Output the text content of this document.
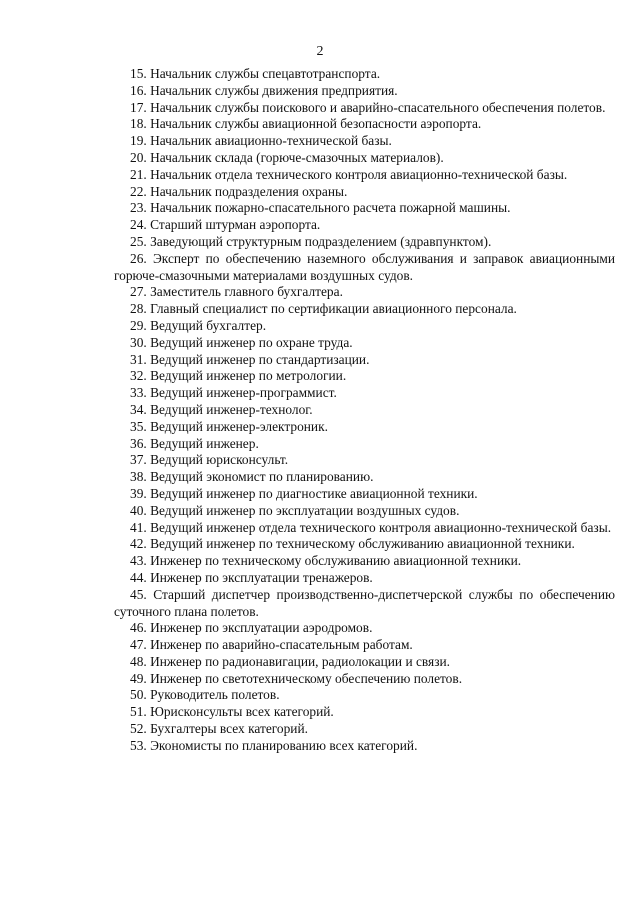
2
15. Начальник службы спецавтотранспорта.
16. Начальник службы движения предприятия.
17. Начальник службы поискового и аварийно-спасательного обеспечения полетов.
18. Начальник службы авиационной безопасности аэропорта.
19. Начальник авиационно-технической базы.
20. Начальник склада (горюче-смазочных материалов).
21. Начальник отдела технического контроля авиационно-технической базы.
22. Начальник подразделения охраны.
23. Начальник пожарно-спасательного расчета пожарной машины.
24. Старший штурман аэропорта.
25. Заведующий структурным подразделением (здравпунктом).
26. Эксперт по обеспечению наземного обслуживания и заправок авиационными горюче-смазочными материалами воздушных судов.
27. Заместитель главного бухгалтера.
28. Главный специалист по сертификации авиационного персонала.
29. Ведущий бухгалтер.
30. Ведущий инженер по охране труда.
31. Ведущий инженер по стандартизации.
32. Ведущий инженер по метрологии.
33. Ведущий инженер-программист.
34. Ведущий инженер-технолог.
35. Ведущий инженер-электроник.
36. Ведущий инженер.
37. Ведущий юрисконсульт.
38. Ведущий экономист по планированию.
39. Ведущий инженер по диагностике авиационной техники.
40. Ведущий инженер по эксплуатации воздушных судов.
41. Ведущий инженер отдела технического контроля авиационно-технической базы.
42. Ведущий инженер по техническому обслуживанию авиационной техники.
43. Инженер по техническому обслуживанию авиационной техники.
44. Инженер по эксплуатации тренажеров.
45. Старший диспетчер производственно-диспетчерской службы по обеспечению суточного плана полетов.
46. Инженер по эксплуатации аэродромов.
47. Инженер по аварийно-спасательным работам.
48. Инженер по радионавигации, радиолокации и связи.
49. Инженер по светотехническому обеспечению полетов.
50. Руководитель полетов.
51. Юрисконсульты всех категорий.
52. Бухгалтеры всех категорий.
53. Экономисты по планированию всех категорий.
